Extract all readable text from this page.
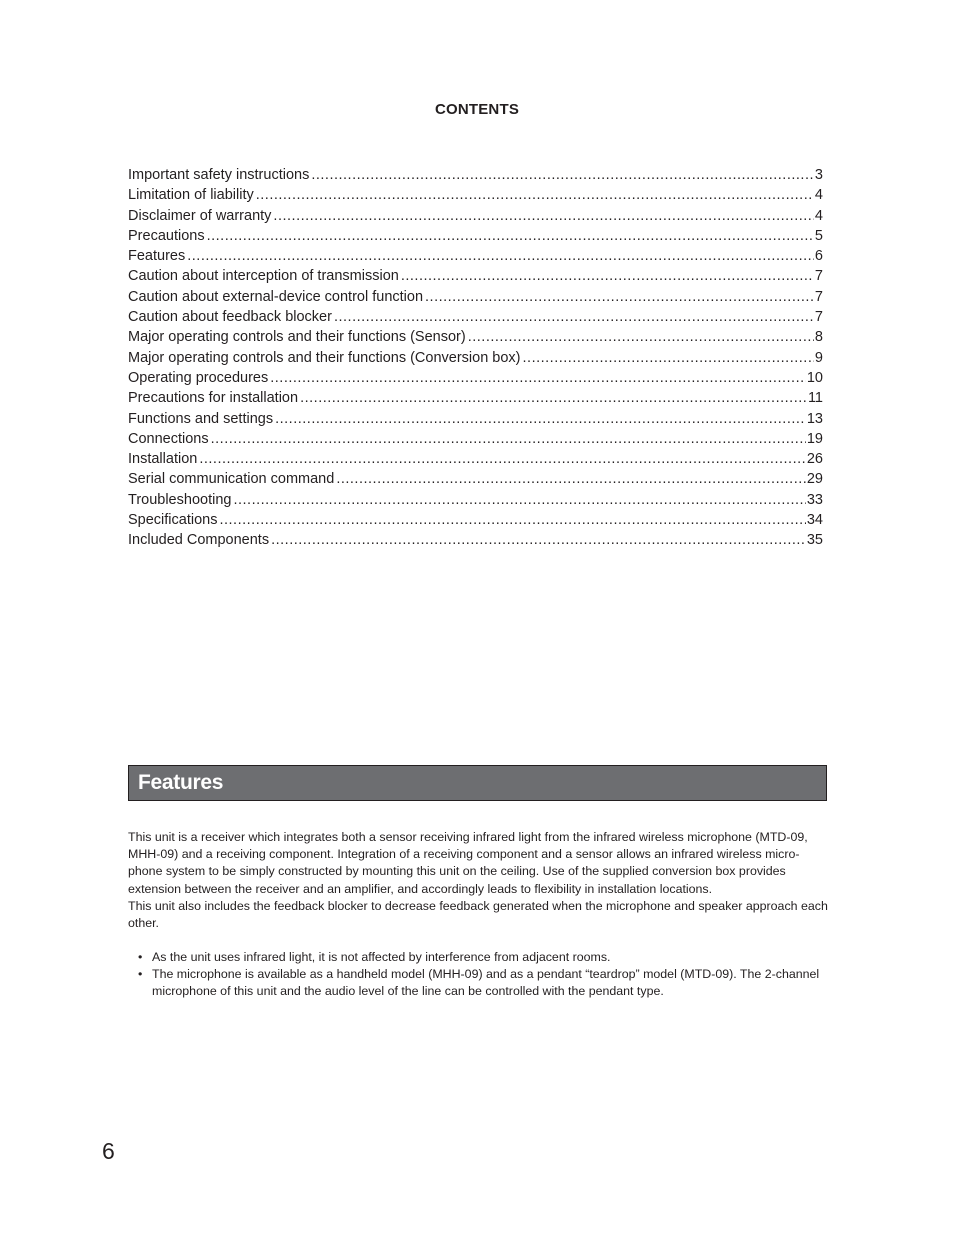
CONTENTS
Important safety instructions .....	3
Limitation of liability .....	4
Disclaimer of warranty .....	4
Precautions .....	5
Features .....	6
Caution about interception of transmission .....	7
Caution about external-device control function .....	7
Caution about feedback blocker .....	7
Major operating controls and their functions (Sensor) .....	8
Major operating controls and their functions (Conversion box) .....	9
Operating procedures .....	10
Precautions for installation .....	11
Functions and settings .....	13
Connections .....	19
Installation .....	26
Serial communication command .....	29
Troubleshooting .....	33
Specifications .....	34
Included Components .....	35
Features

This unit is a receiver which integrates both a sensor receiving infrared light from the infrared wireless microphone (MTD-09, MHH-09) and a receiving component. Integration of a receiving component and a sensor allows an infrared wireless micro-phone system to be simply constructed by mounting this unit on the ceiling. Use of the supplied conversion box provides extension between the receiver and an amplifier, and accordingly leads to flexibility in installation locations.

This unit also includes the feedback blocker to decrease feedback generated when the microphone and speaker approach each other.

• As the unit uses infrared light, it is not affected by interference from adjacent rooms.
• The microphone is available as a handheld model (MHH-09) and as a pendant “teardrop” model (MTD-09). The 2-channel microphone of this unit and the audio level of the line can be controlled with the pendant type.
6
